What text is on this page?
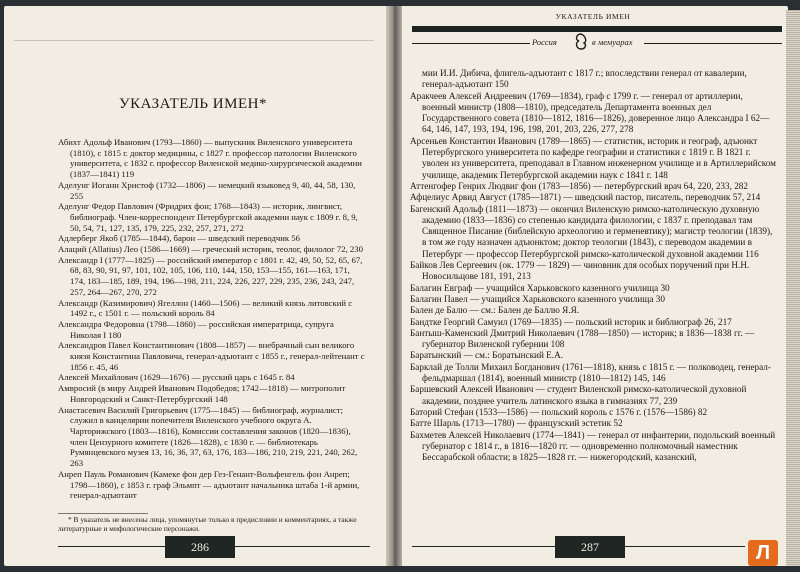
УКАЗАТЕЛЬ ИМЕН*

Абихт Адольф Иванович (1793—1860) — выпускник Виленского университета (1810), с 1815 г. доктор медицины, с 1827 г. профессор патологии Виленского университета, с 1832 г. профессор Виленской медико-хирургической академии (1837—1841) 119

Аделунг Иоганн Христоф (1732—1806) — немецкий языковед 9, 40, 44, 58, 130, 255

Аделунг Федор Павлович (Фридрих фон; 1768—1843) — историк, лингвист, библиограф. Член-корреспондент Петербургской академии наук с 1809 г. 8, 9, 50, 54, 71, 127, 135, 179, 225, 232, 257, 271, 272

Адлерберг Якоб (1785—1844), барон — шведский переводчик 56

Алаций (Allatius) Лео (1586—1669) — греческий историк, теолог, филолог 72, 230

Александр I (1777—1825) — российский император с 1801 г. 42, 49, 50, 52, 65, 67, 68, 83, 90, 91, 97, 101, 102, 105, 106, 110, 144, 150, 153—155, 161—163, 171, 174, 183—185, 189, 194, 196—198, 211, 224, 226, 227, 229, 235, 236, 243, 247, 257, 264—267, 270, 272

Александр (Казимирович) Ягеллон (1460—1506) — великий князь литовский с 1492 г., с 1501 г. — польский король 84

Александра Федоровна (1798—1860) — российская императрица, супруга Николая I 180

Александров Павел Константинович (1808—1857) — внебрачный сын великого князя Константина Павловича, генерал-адъютант с 1855 г., генерал-лейтенант с 1856 г. 45, 46

Алексей Михайлович (1629—1676) — русский царь с 1645 г. 84

Амвросий (в миру Андрей Иванович Подобедов; 1742—1818) — митрополит Новгородский и Санкт-Петербургский 148

Анастасевич Василий Григорьевич (1775—1845) — библиограф, журналист; служил в канцелярии попечителя Виленского учебного округа А. Чарторижского (1803—1816), Комиссии составления законов (1820—1836), член Цензурного комитете (1826—1828), с 1830 г. — библиотекарь Румянцевского музея 13, 16, 36, 37, 63, 176, 183—186, 210, 219, 221, 240, 262, 263

Анреп Пауль Романович (Камеке фон дер Гез-Генант-Вольфенгель фон Анреп; 1798—1860), с 1853 г. граф Эльмпт — адъютант начальника штаба 1-й армии, генерал-адъютант

* В указатель не внесены лица, упомянутые только в предисловии и комментариях, а также литературные и мифологические персонажи.
286
УКАЗАТЕЛЬ ИМЕН
Россия	в мемуарах

мии И.И. Дибича, флигель-адъютант с 1817 г.; впоследствии генерал от кавалерии, генерал-адъютант 150

Аракчеев Алексей Андреевич (1769—1834), граф с 1799 г. — генерал от артиллерии, военный министр (1808—1810), председатель Департамента военных дел Государственного совета (1810—1812, 1816—1826), доверенное лицо Александра I 62—64, 146, 147, 193, 194, 196, 198, 201, 203, 226, 277, 278

Арсеньев Константин Иванович (1789—1865) — статистик, историк и географ, адъюнкт Петербургского университета по кафедре географии и статистики с 1819 г. В 1821 г. уволен из университета, преподавал в Главном инженерном училище и в Артиллерийском училище, академик Петербургской академии наук с 1841 г. 148

Аттенгофер Генрих Людвиг фон (1783—1856) — петербургский врач 64, 220, 233, 282

Афцелиус Арвид Август (1785—1871) — шведский пастор, писатель, переводчик 57, 214

Багенский Адольф (1811—1873) — окончил Виленскую римско-католическую духовную академию (1833—1836) со степенью кандидата филологии, с 1837 г. преподавал там Священное Писание (библейскую археологию и герменевтику); магистр теологии (1839), в том же году назначен адъюнктом; доктор теологии (1843), с переводом академии в Петербург — профессор Петербургской римско-католической духовной академии 116

Байков Лев Сергеевич (ок. 1779 — 1829) — чиновник для особых поручений при Н.Н. Новосильцове 181, 191, 213

Балагин Евграф — учащийся Харьковского казенного училища 30

Балагин Павел — учащийся Харьковского казенного училища 30

Бален де Балю — см.: Бален де Баллю Я.Я.

Бандтке Георгий Самуил (1769—1835) — польский историк и библиограф 26, 217

Бантыш-Каменский Дмитрий Николаевич (1788—1850) — историк; в 1836—1838 гг. — губернатор Виленской губернии 108

Баратынский — см.: Боратынский Е.А.

Барклай де Толли Михаил Богданович (1761—1818), князь с 1815 г. — полководец, генерал-фельдмаршал (1814), военный министр (1810—1812) 145, 146

Баршевский Алексей Иванович — студент Виленской римско-католической духовной академии, позднее учитель латинского языка в гимназиях 77, 239

Баторий Стефан (1533—1586) — польский король с 1576 г. (1576—1586) 82

Батте Шарль (1713—1780) — французский эстетик 52

Бахметев Алексей Николаевич (1774—1841) — генерал от инфантерии, подольский военный губернатор с 1814 г., в 1816—1820 гг. — одновременно полномочный наместник Бессарабской области; в 1825—1828 гг. — нижегородский, казанский,

287	Л
